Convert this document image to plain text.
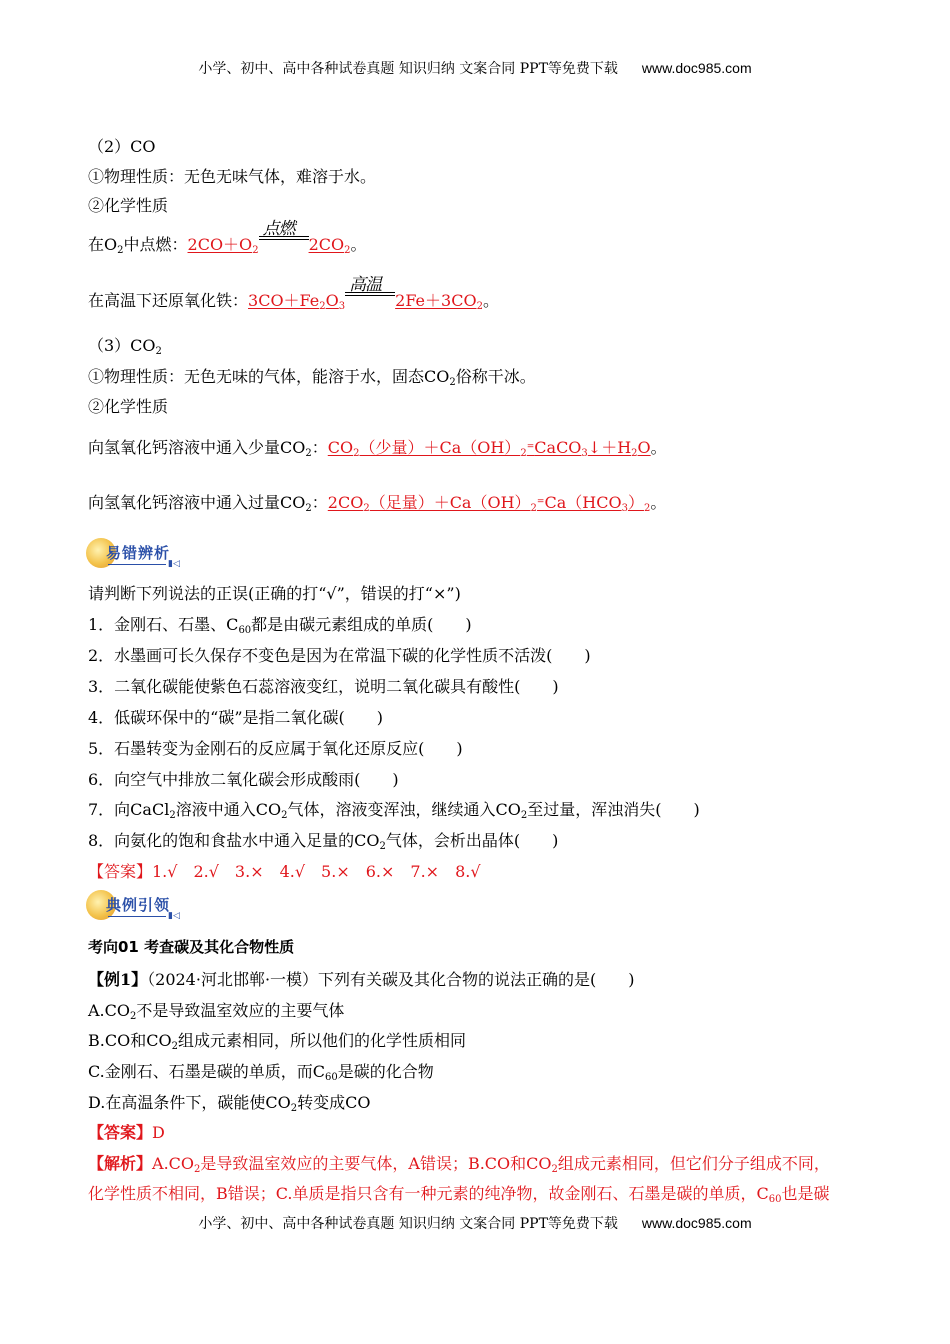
小学、初中、高中各种试卷真题 知识归纳 文案合同 PPT等免费下载 www.doc985.com
（2）CO
①物理性质：无色无味气体，难溶于水。
②化学性质
在$O_2$中点燃：$2CO+O_2$
点燃
$2CO_2$。
在高温下还原氧化铁：$3CO+Fe_2O_3$
高温
$2Fe+3CO_2$。
$(3)CO_2$
①物理性质：无色无味的气体，能溶于水，固态$CO_2$俗称干冰。
②化学性质
向氢氧化钙溶液中通入少量$CO_2$：$CO_2$（少量）$+Ca(OH)_2^=CaCO_3↓+H_2O$。
向氢氧化钙溶液中通入过量$CO_2$：$2CO_2$（足量）$+Ca(OH)_2^=Ca(HCO_3)_2$。
易错辨析
▮◁
请判断下列说法的正误(正确的打“√”，错误的打“×”)
1．金刚石、石墨、$C_{60}$都是由碳元素组成的单质(　　)
2．水墨画可长久保存不变色是因为在常温下碳的化学性质不活泼(　　)
3．二氧化碳能使紫色石蕊溶液变红，说明二氧化碳具有酸性(　　)
4．低碳环保中的“碳”是指二氧化碳(　　)
5．石墨转变为金刚石的反应属于氧化还原反应(　　)
6．向空气中排放二氧化碳会形成酸雨(　　)
7．向CaCl$_2$溶液中通入$CO_2$气体，溶液变浑浊，继续通入$CO_2$至过量，浑浊消失(　　)
8．向氨化的饱和食盐水中通入足量的$CO_2$气体，会析出晶体(　　)
【答案】1.√　2.√　3.×　4.√　5.×　6.×　7.×　8.√
典例引领
▮◁
考向01 考查碳及其化合物性质
【例1】（2024·河北邯郸·一模）下列有关碳及其化合物的说法正确的是(　　)
$A.CO_2$不是导致温室效应的主要气体
B.CO和$CO_2$组成元素相同，所以他们的化学性质相同
C.金刚石、石墨是碳的单质，而$C_{60}$是碳的化合物
D.在高温条件下，碳能使$CO_2$转变成CO
【答案】D
【解析】$A.CO_2$是导致温室效应的主要气体，A错误；B.CO和$CO_2$组成元素相同，但它们分子组成不同，
化学性质不相同，B错误；C.单质是指只含有一种元素的纯净物，故金刚石、石墨是碳的单质，$C_{60}$也是碳
小学、初中、高中各种试卷真题 知识归纳 文案合同 PPT等免费下载 www.doc985.com
